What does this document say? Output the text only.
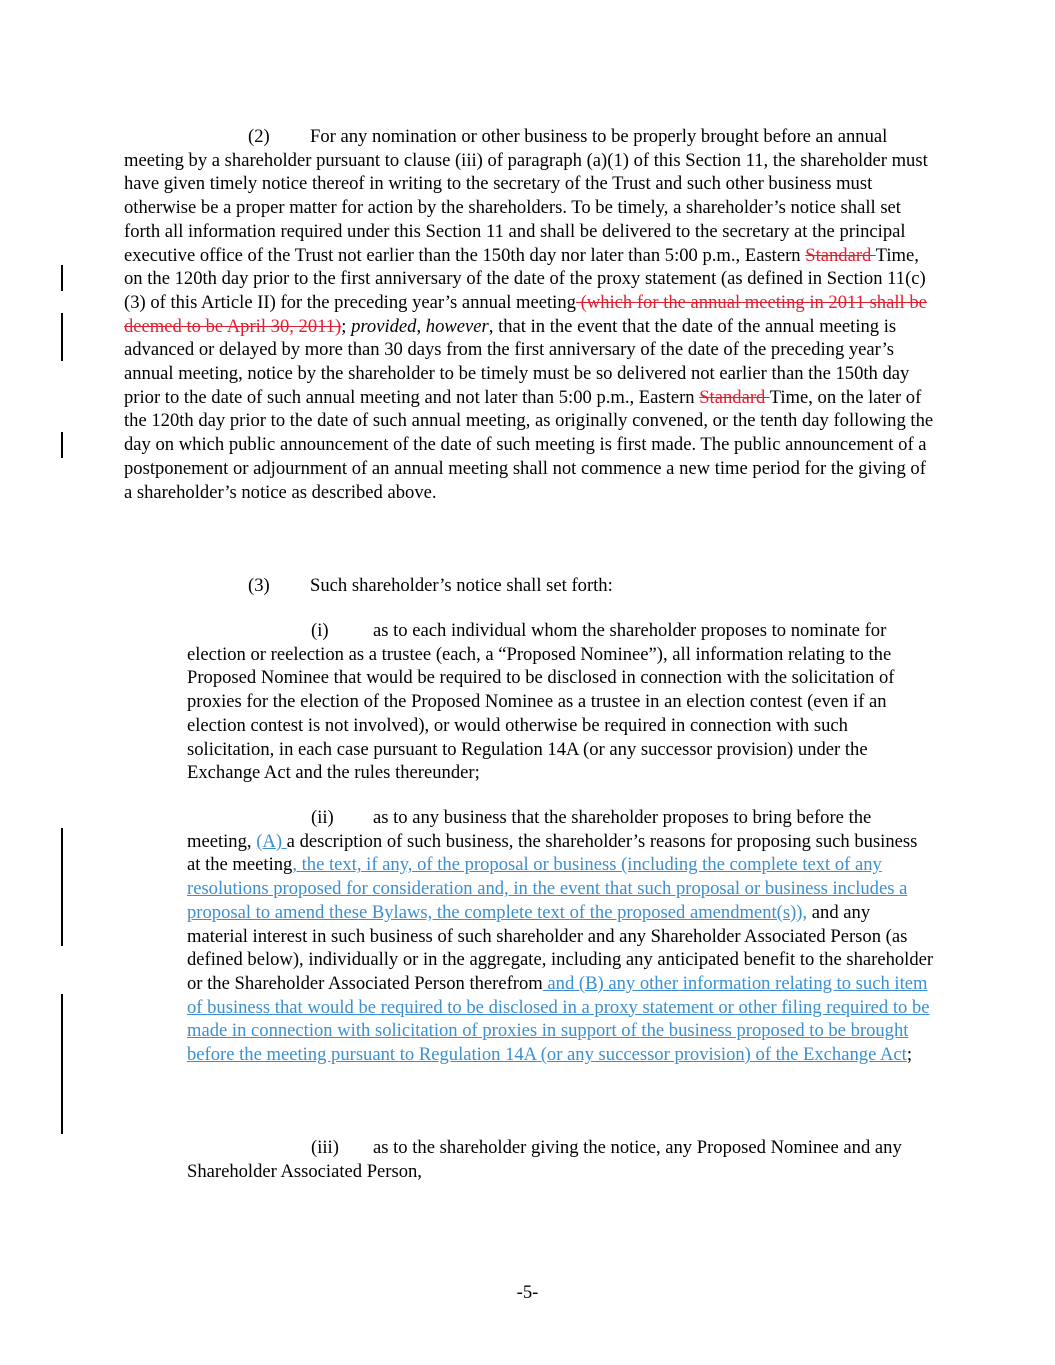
(2) For any nomination or other business to be properly brought before an annual meeting by a shareholder pursuant to clause (iii) of paragraph (a)(1) of this Section 11, the shareholder must have given timely notice thereof in writing to the secretary of the Trust and such other business must otherwise be a proper matter for action by the shareholders. To be timely, a shareholder’s notice shall set forth all information required under this Section 11 and shall be delivered to the secretary at the principal executive office of the Trust not earlier than the 150th day nor later than 5:00 p.m., Eastern Standard Time, on the 120th day prior to the first anniversary of the date of the proxy statement (as defined in Section 11(c)(3) of this Article II) for the preceding year’s annual meeting (which for the annual meeting in 2011 shall be deemed to be April 30, 2011); provided, however, that in the event that the date of the annual meeting is advanced or delayed by more than 30 days from the first anniversary of the date of the preceding year’s annual meeting, notice by the shareholder to be timely must be so delivered not earlier than the 150th day prior to the date of such annual meeting and not later than 5:00 p.m., Eastern Standard Time, on the later of the 120th day prior to the date of such annual meeting, as originally convened, or the tenth day following the day on which public announcement of the date of such meeting is first made. The public announcement of a postponement or adjournment of an annual meeting shall not commence a new time period for the giving of a shareholder’s notice as described above.

(3) Such shareholder’s notice shall set forth:

(i) as to each individual whom the shareholder proposes to nominate for election or reelection as a trustee (each, a “Proposed Nominee”), all information relating to the Proposed Nominee that would be required to be disclosed in connection with the solicitation of proxies for the election of the Proposed Nominee as a trustee in an election contest (even if an election contest is not involved), or would otherwise be required in connection with such solicitation, in each case pursuant to Regulation 14A (or any successor provision) under the Exchange Act and the rules thereunder;

(ii) as to any business that the shareholder proposes to bring before the meeting, (A) a description of such business, the shareholder’s reasons for proposing such business at the meeting, the text, if any, of the proposal or business (including the complete text of any resolutions proposed for consideration and, in the event that such proposal or business includes a proposal to amend these Bylaws, the complete text of the proposed amendment(s)), and any material interest in such business of such shareholder and any Shareholder Associated Person (as defined below), individually or in the aggregate, including any anticipated benefit to the shareholder or the Shareholder Associated Person therefrom and (B) any other information relating to such item of business that would be required to be disclosed in a proxy statement or other filing required to be made in connection with solicitation of proxies in support of the business proposed to be brought before the meeting pursuant to Regulation 14A (or any successor provision) of the Exchange Act;

(iii) as to the shareholder giving the notice, any Proposed Nominee and any Shareholder Associated Person,

-5-
